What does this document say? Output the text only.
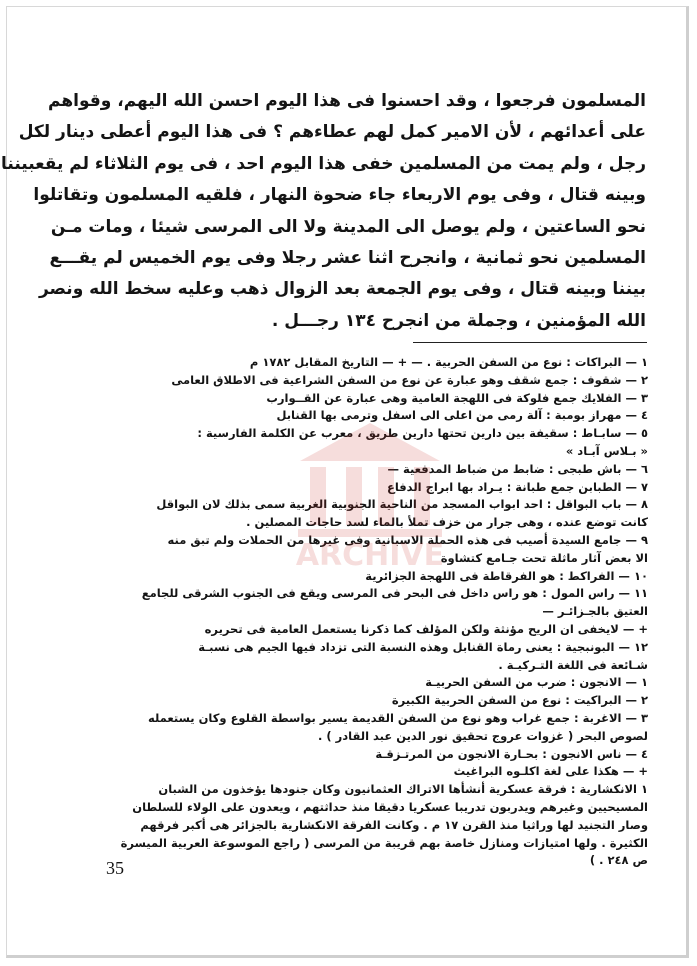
المسلمون فرجعوا ، وقد احسنوا فى هذا اليوم احسن الله اليهم، وقواهم
على أعدائهم ، لأن الامير كمل لهم عطاءهم ؟ فى هذا اليوم أعطى دينار لكل
رجل ، ولم يمت من المسلمين خفى هذا اليوم احد ، فى يوم الثلاثاء لم يقعبيننا
وبينه قتال ، وفى يوم الاربعاء جاء ضحوة النهار ، فلقيه المسلمون وتقاتلوا
نحو الساعتين ، ولم يوصل الى المدينة ولا الى المرسى شيئا ، ومات مـن
المسلمين نحو ثمانية ، وانجرح اثنا عشر رجلا وفى يوم الخميس لم يقـــع
بيننا وبينه قتال ، وفى يوم الجمعة بعد الزوال ذهب وعليه سخط الله ونصر
الله المؤمنين ، وجملة من انجرح ١٣٤ رجـــل .
١ — البراكات : نوع من السفن الحربية . — + — التاريخ المقابل ١٧٨٢ م
٢ — شقوف : جمع شقف وهو عبارة عن نوع من السفن الشراعية فى الاطلاق العامى
٣ — الفلايك جمع فلوكة فى اللهجة العامية وهى عبارة عن القــوارب
٤ — مهراز بومبة : آلة رمى من اعلى الى اسفل وترمى بها القنابل
٥ — سابـاط : سقيفة بين دارين تحتها دارين طريق ، معرب عن الكلمة الفارسية :
« بـلاس آبـاد »
٦ — باش طبجى : ضابط من ضباط المدفعية —
٧ — الطبابن جمع طبانة : يـراد بها ابراج الدفاع
٨ — باب البواقل : احد ابواب المسجد من الناحية الجنوبية الغربية سمى بذلك لان البواقل
كانت توضع عنده ، وهى جرار من خزف تملأ بالماء لسد حاجات المصلين .
٩ — جامع السيدة أصيب فى هذه الحملة الاسبانية وفى غيرها من الحملات ولم تبق منه
الا بعض آثار ماثلة تحت جـامع كتشاوة
١٠ — الفراكط : هو الفرقاطة فى اللهجة الجزائرية
١١ — راس المول : هو راس داخل فى البحر فى المرسى ويقع فى الجنوب الشرقى للجامع
العتيق بالجـزائـر —
+ — لايخفى ان الريح مؤنثة ولكن المؤلف كما ذكرنا يستعمل العامية فى تحريره
١٢ — البونبجية : يعنى رماة القنابل وهذه النسبة التى تزداد فيها الجيم هى نسبـة
شـائعة فى اللغة التـركيـة .
١ — الانجون : ضرب من السفن الحربيـة
٢ — البراكيت : نوع من السفن الحربية الكبيرة
٣ — الاغربة : جمع غراب وهو نوع من السفن القديمة يسير بواسطة القلوع وكان يستعمله
لصوص البحر ( غزوات عروج تحقيق نور الدين عبد القادر ) .
٤ — ناس الانجون : بحـارة الانجون من المرتـزقـة
+ — هكذا على لغة اكلـوه البراغيث
١ الانكشارية : فرقة عسكرية أنشأها الاتراك العثمانيون وكان جنودها يؤخذون من الشبان
المسيحيين وغيرهم ويدربون تدريبا عسكريا دقيقا منذ حداثتهم ، ويعدون على الولاء للسلطان
وصار التجنيد لها وراثيا منذ القرن ١٧ م . وكانت الفرقة الانكشارية بالجزائر هى أكبر فرقهم
الكثيرة . ولها امتيازات ومنازل خاصة بهم قريبة من المرسى ( راجع الموسوعة العربية الميسرة
ص ٢٤٨ . )
ARCHIVE
35
